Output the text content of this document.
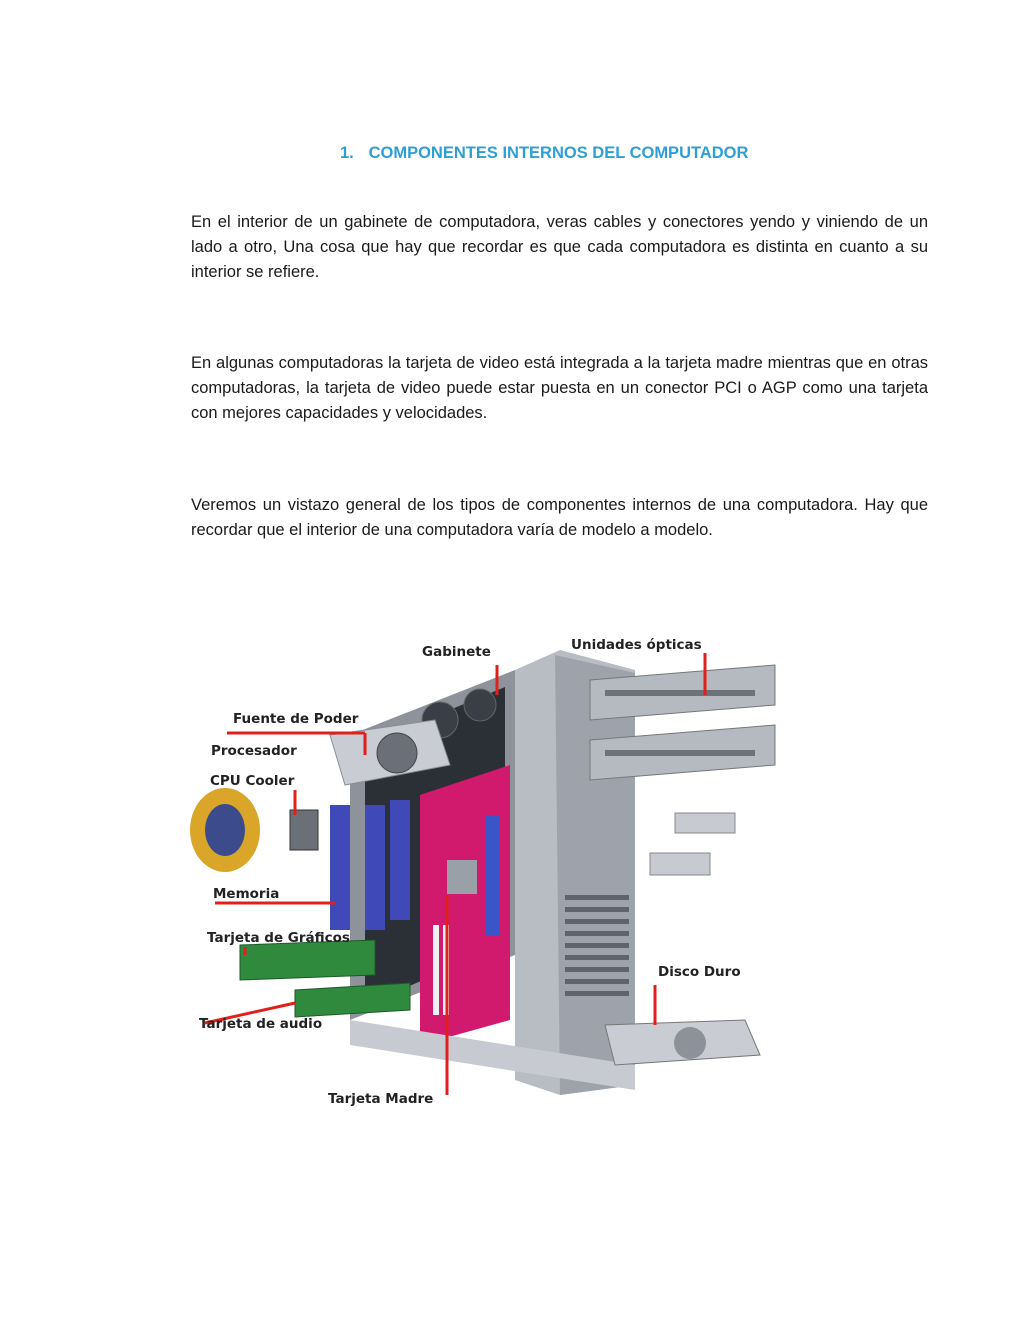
1. COMPONENTES INTERNOS DEL COMPUTADOR

En el interior de un gabinete de computadora, veras cables y conectores yendo y viniendo de un lado a otro, Una cosa que hay que recordar es que cada computadora es distinta en cuanto a su interior se refiere.

En algunas computadoras la tarjeta de video está integrada a la tarjeta madre mientras que en otras computadoras, la tarjeta de video puede estar puesta en un conector PCI o AGP como una tarjeta con mejores capacidades y velocidades.

Veremos un vistazo general de los tipos de componentes internos de una computadora. Hay que recordar que el interior de una computadora varía de modelo a modelo.

Gabinete	Unidades ópticas
Fuente de Poder
Procesador
CPU Cooler
Memoria
Tarjeta de Gráficos
Disco Duro
Tarjeta de audio
Tarjeta Madre
